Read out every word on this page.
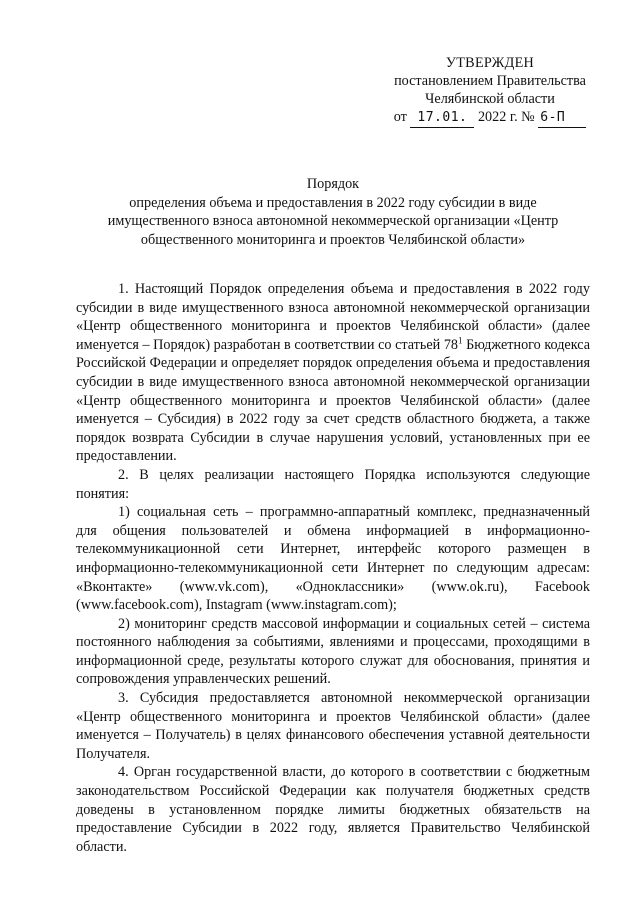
УТВЕРЖДЕН
постановлением Правительства
Челябинской области
от 17.01. 2022 г. № 6-П
Порядок
определения объема и предоставления в 2022 году субсидии в виде
имущественного взноса автономной некоммерческой организации «Центр
общественного мониторинга и проектов Челябинской области»

1. Настоящий Порядок определения объема и предоставления в 2022 году субсидии в виде имущественного взноса автономной некоммерческой организации «Центр общественного мониторинга и проектов Челябинской области» (далее именуется – Порядок) разработан в соответствии со статьей $78^1$ Бюджетного кодекса Российской Федерации и определяет порядок определения объема и предоставления субсидии в виде имущественного взноса автономной некоммерческой организации «Центр общественного мониторинга и проектов Челябинской области» (далее именуется – Субсидия) в 2022 году за счет средств областного бюджета, а также порядок возврата Субсидии в случае нарушения условий, установленных при ее предоставлении.

2. В целях реализации настоящего Порядка используются следующие понятия:

1) социальная сеть – программно-аппаратный комплекс, предназначенный для общения пользователей и обмена информацией в информационно-телекоммуникационной сети Интернет, интерфейс которого размещен в информационно-телекоммуникационной сети Интернет по следующим адресам: «Вконтакте» (www.vk.com), «Одноклассники» (www.ok.ru), Facebook (www.facebook.com), Instagram (www.instagram.com);

2) мониторинг средств массовой информации и социальных сетей – система постоянного наблюдения за событиями, явлениями и процессами, проходящими в информационной среде, результаты которого служат для обоснования, принятия и сопровождения управленческих решений.

3. Субсидия предоставляется автономной некоммерческой организации «Центр общественного мониторинга и проектов Челябинской области» (далее именуется – Получатель) в целях финансового обеспечения уставной деятельности Получателя.

4. Орган государственной власти, до которого в соответствии с бюджетным законодательством Российской Федерации как получателя бюджетных средств доведены в установленном порядке лимиты бюджетных обязательств на предоставление Субсидии в 2022 году, является Правительство Челябинской области.
